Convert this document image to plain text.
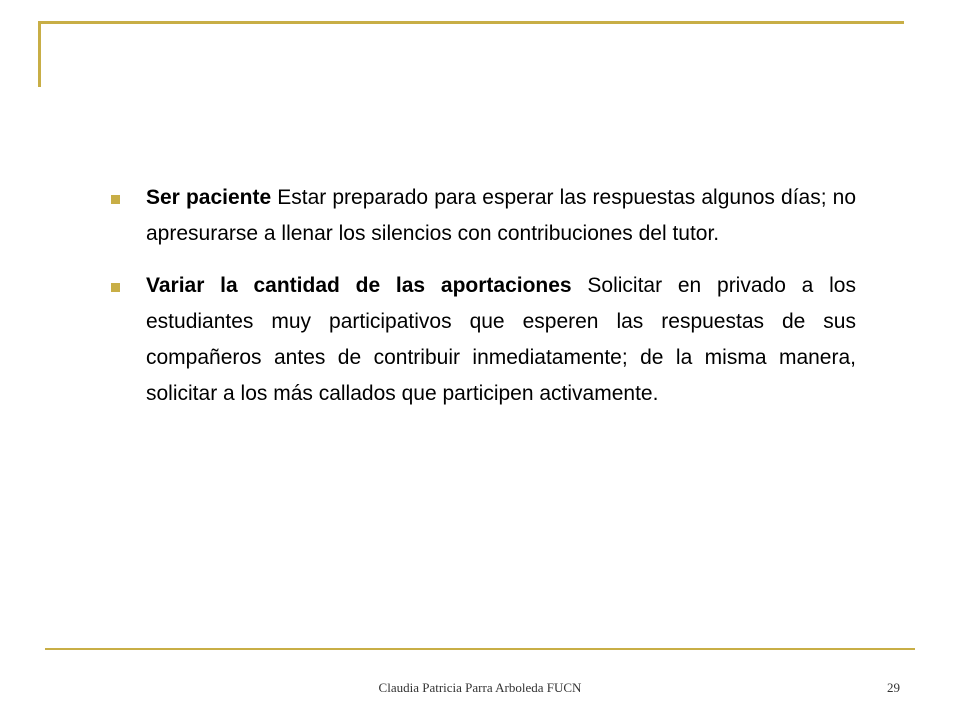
Ser paciente Estar preparado para esperar las respuestas algunos días; no apresurarse a llenar los silencios con contribuciones del tutor.
Variar la cantidad de las aportaciones Solicitar en privado a los estudiantes muy participativos que esperen las respuestas de sus compañeros antes de contribuir inmediatamente; de la misma manera, solicitar a los más callados que participen activamente.
Claudia Patricia Parra Arboleda FUCN	29
